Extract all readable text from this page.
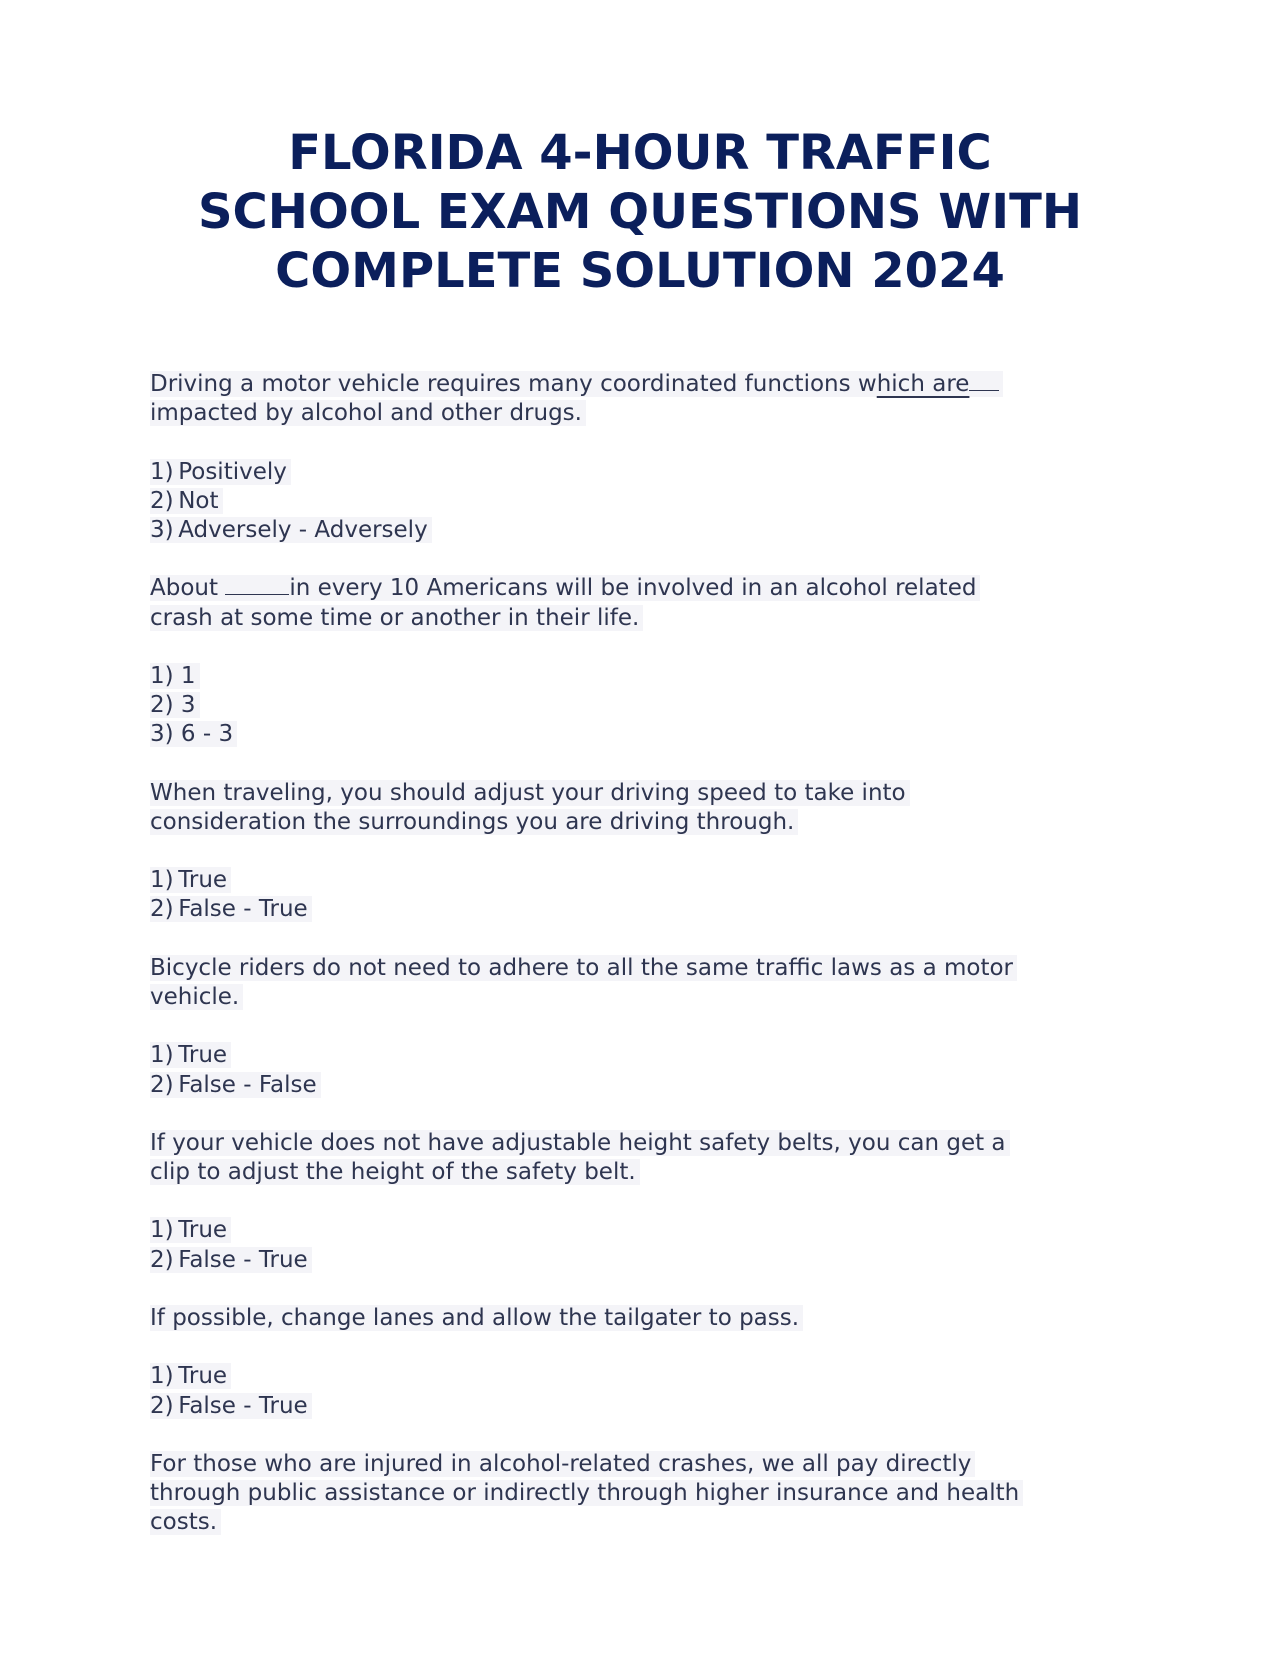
FLORIDA 4-HOUR TRAFFIC
SCHOOL EXAM QUESTIONS WITH
COMPLETE SOLUTION 2024
Driving a motor vehicle requires many coordinated functions which are
impacted by alcohol and other drugs.
1) Positively
2) Not
3) Adversely - Adversely
About	in every 10 Americans will be involved in an alcohol related
crash at some time or another in their life.
1) 1
2) 3
3) 6 - 3
When traveling, you should adjust your driving speed to take into
consideration the surroundings you are driving through.
1) True
2) False - True
Bicycle riders do not need to adhere to all the same traffic laws as a motor
vehicle.
1) True
2) False - False
If your vehicle does not have adjustable height safety belts, you can get a
clip to adjust the height of the safety belt.
1) True
2) False - True
If possible, change lanes and allow the tailgater to pass.
1) True
2) False - True
For those who are injured in alcohol-related crashes, we all pay directly
through public assistance or indirectly through higher insurance and health
costs.
